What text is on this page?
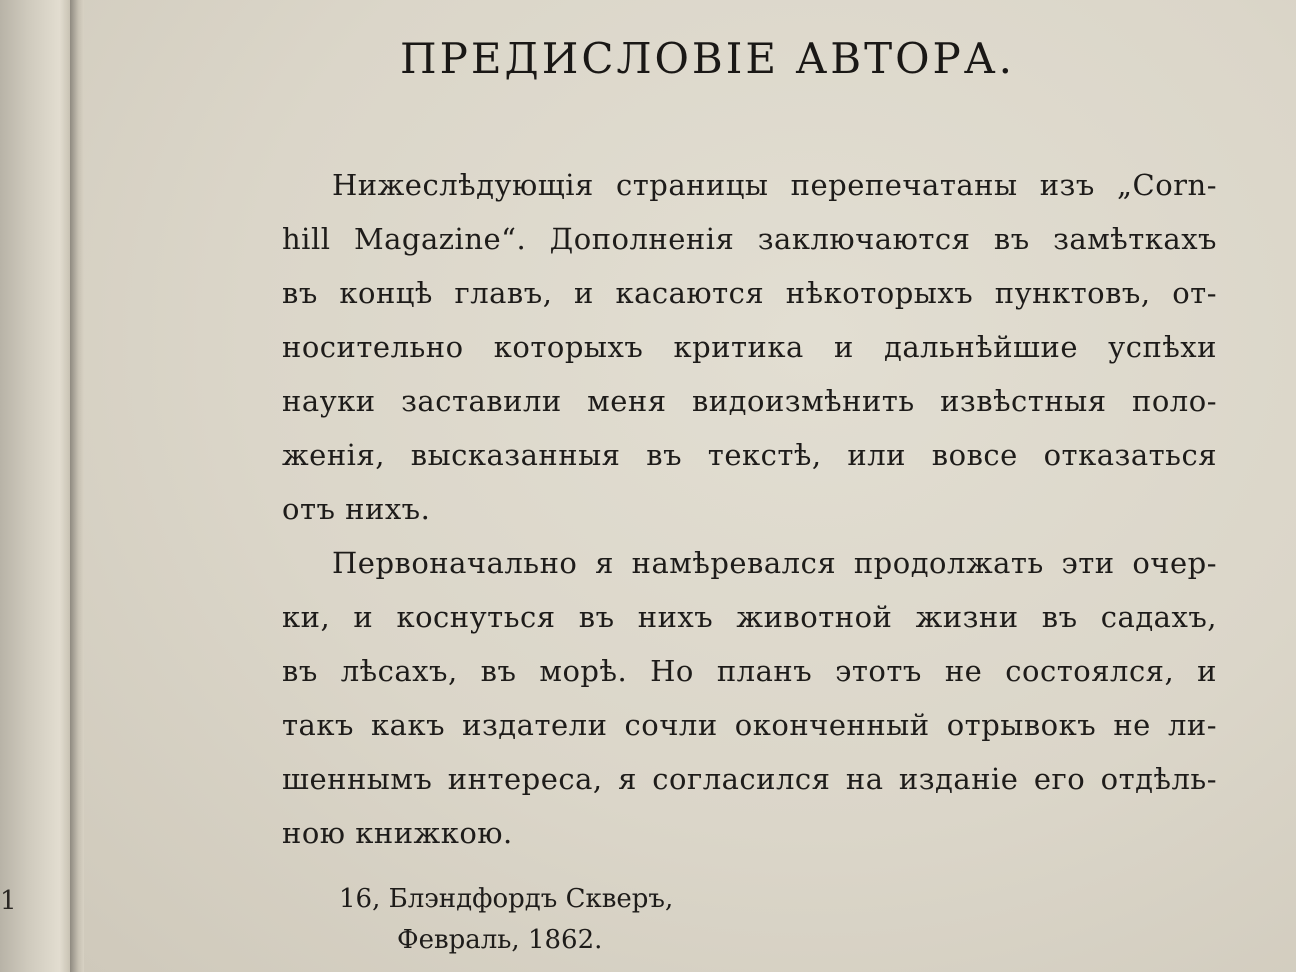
1
ПРЕДИСЛОВІЕ АВТОРА.
Нижеслѣдующія страницы перепечатаны изъ „Corn-
hill Magazine“. Дополненія заключаются въ замѣткахъ
въ концѣ главъ, и касаются нѣкоторыхъ пунктовъ, от-
носительно которыхъ критика и дальнѣйшие успѣхи
науки заставили меня видоизмѣнить извѣстныя поло-
женія, высказанныя въ текстѣ, или вовсе отказаться
отъ нихъ.
Первоначально я намѣревался продолжать эти очер-
ки, и коснуться въ нихъ животной жизни въ садахъ,
въ лѣсахъ, въ морѣ. Но планъ этотъ не состоялся, и
такъ какъ издатели сочли оконченный отрывокъ не ли-
шеннымъ интереса, я согласился на изданіе его отдѣль-
ною книжкою.

16, Блэндфордъ Скверъ,

Февраль, 1862.
